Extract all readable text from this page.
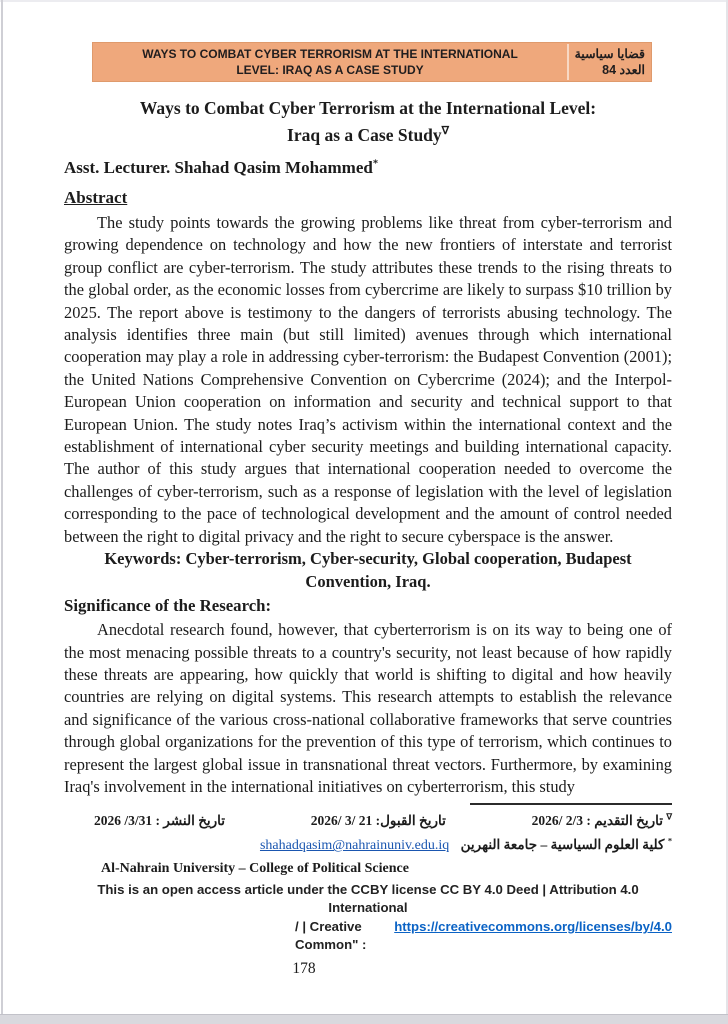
WAYS TO COMBAT CYBER TERRORISM AT THE INTERNATIONAL
LEVEL: IRAQ AS A CASE STUDY
قضايا سياسية
العدد 84
Ways to Combat Cyber Terrorism at the International Level:
Iraq as a Case Study∇
Asst. Lecturer. Shahad Qasim Mohammed*
Abstract
The study points towards the growing problems like threat from cyber-terrorism and growing dependence on technology and how the new frontiers of interstate and terrorist group conflict are cyber-terrorism. The study attributes these trends to the rising threats to the global order, as the economic losses from cybercrime are likely to surpass $10 trillion by 2025. The report above is testimony to the dangers of terrorists abusing technology. The analysis identifies three main (but still limited) avenues through which international cooperation may play a role in addressing cyber-terrorism: the Budapest Convention (2001); the United Nations Comprehensive Convention on Cybercrime (2024); and the Interpol-European Union cooperation on information and security and technical support to that European Union. The study notes Iraq’s activism within the international context and the establishment of international cyber security meetings and building international capacity. The author of this study argues that international cooperation needed to overcome the challenges of cyber-terrorism, such as a response of legislation with the level of legislation corresponding to the pace of technological development and the amount of control needed between the right to digital privacy and the right to secure cyberspace is the answer.
Keywords: Cyber-terrorism, Cyber-security, Global cooperation, Budapest Convention, Iraq.
Significance of the Research:
Anecdotal research found, however, that cyberterrorism is on its way to being one of the most menacing possible threats to a country's security, not least because of how rapidly these threats are appearing, how quickly that world is shifting to digital and how heavily countries are relying on digital systems. This research attempts to establish the relevance and significance of the various cross-national collaborative frameworks that serve countries through global organizations for the prevention of this type of terrorism, which continues to represent the largest global issue in transnational threat vectors. Furthermore, by examining Iraq's involvement in the international initiatives on cyberterrorism, this study
∇ تاريخ التقديم : 2026/ 2/3
تاريخ القبول: 2026/ 3/ 21
تاريخ النشر : 2026 /3/31
* كلية العلوم السياسية – جامعة النهرين shahadqasim@nahrainuniv.edu.iq
Al-Nahrain University – College of Political Science
This is an open access article under the CCBY license CC BY 4.0 Deed | Attribution 4.0 International
/ | Creative Common" :
https://creativecommons.org/licenses/by/4.0
178
